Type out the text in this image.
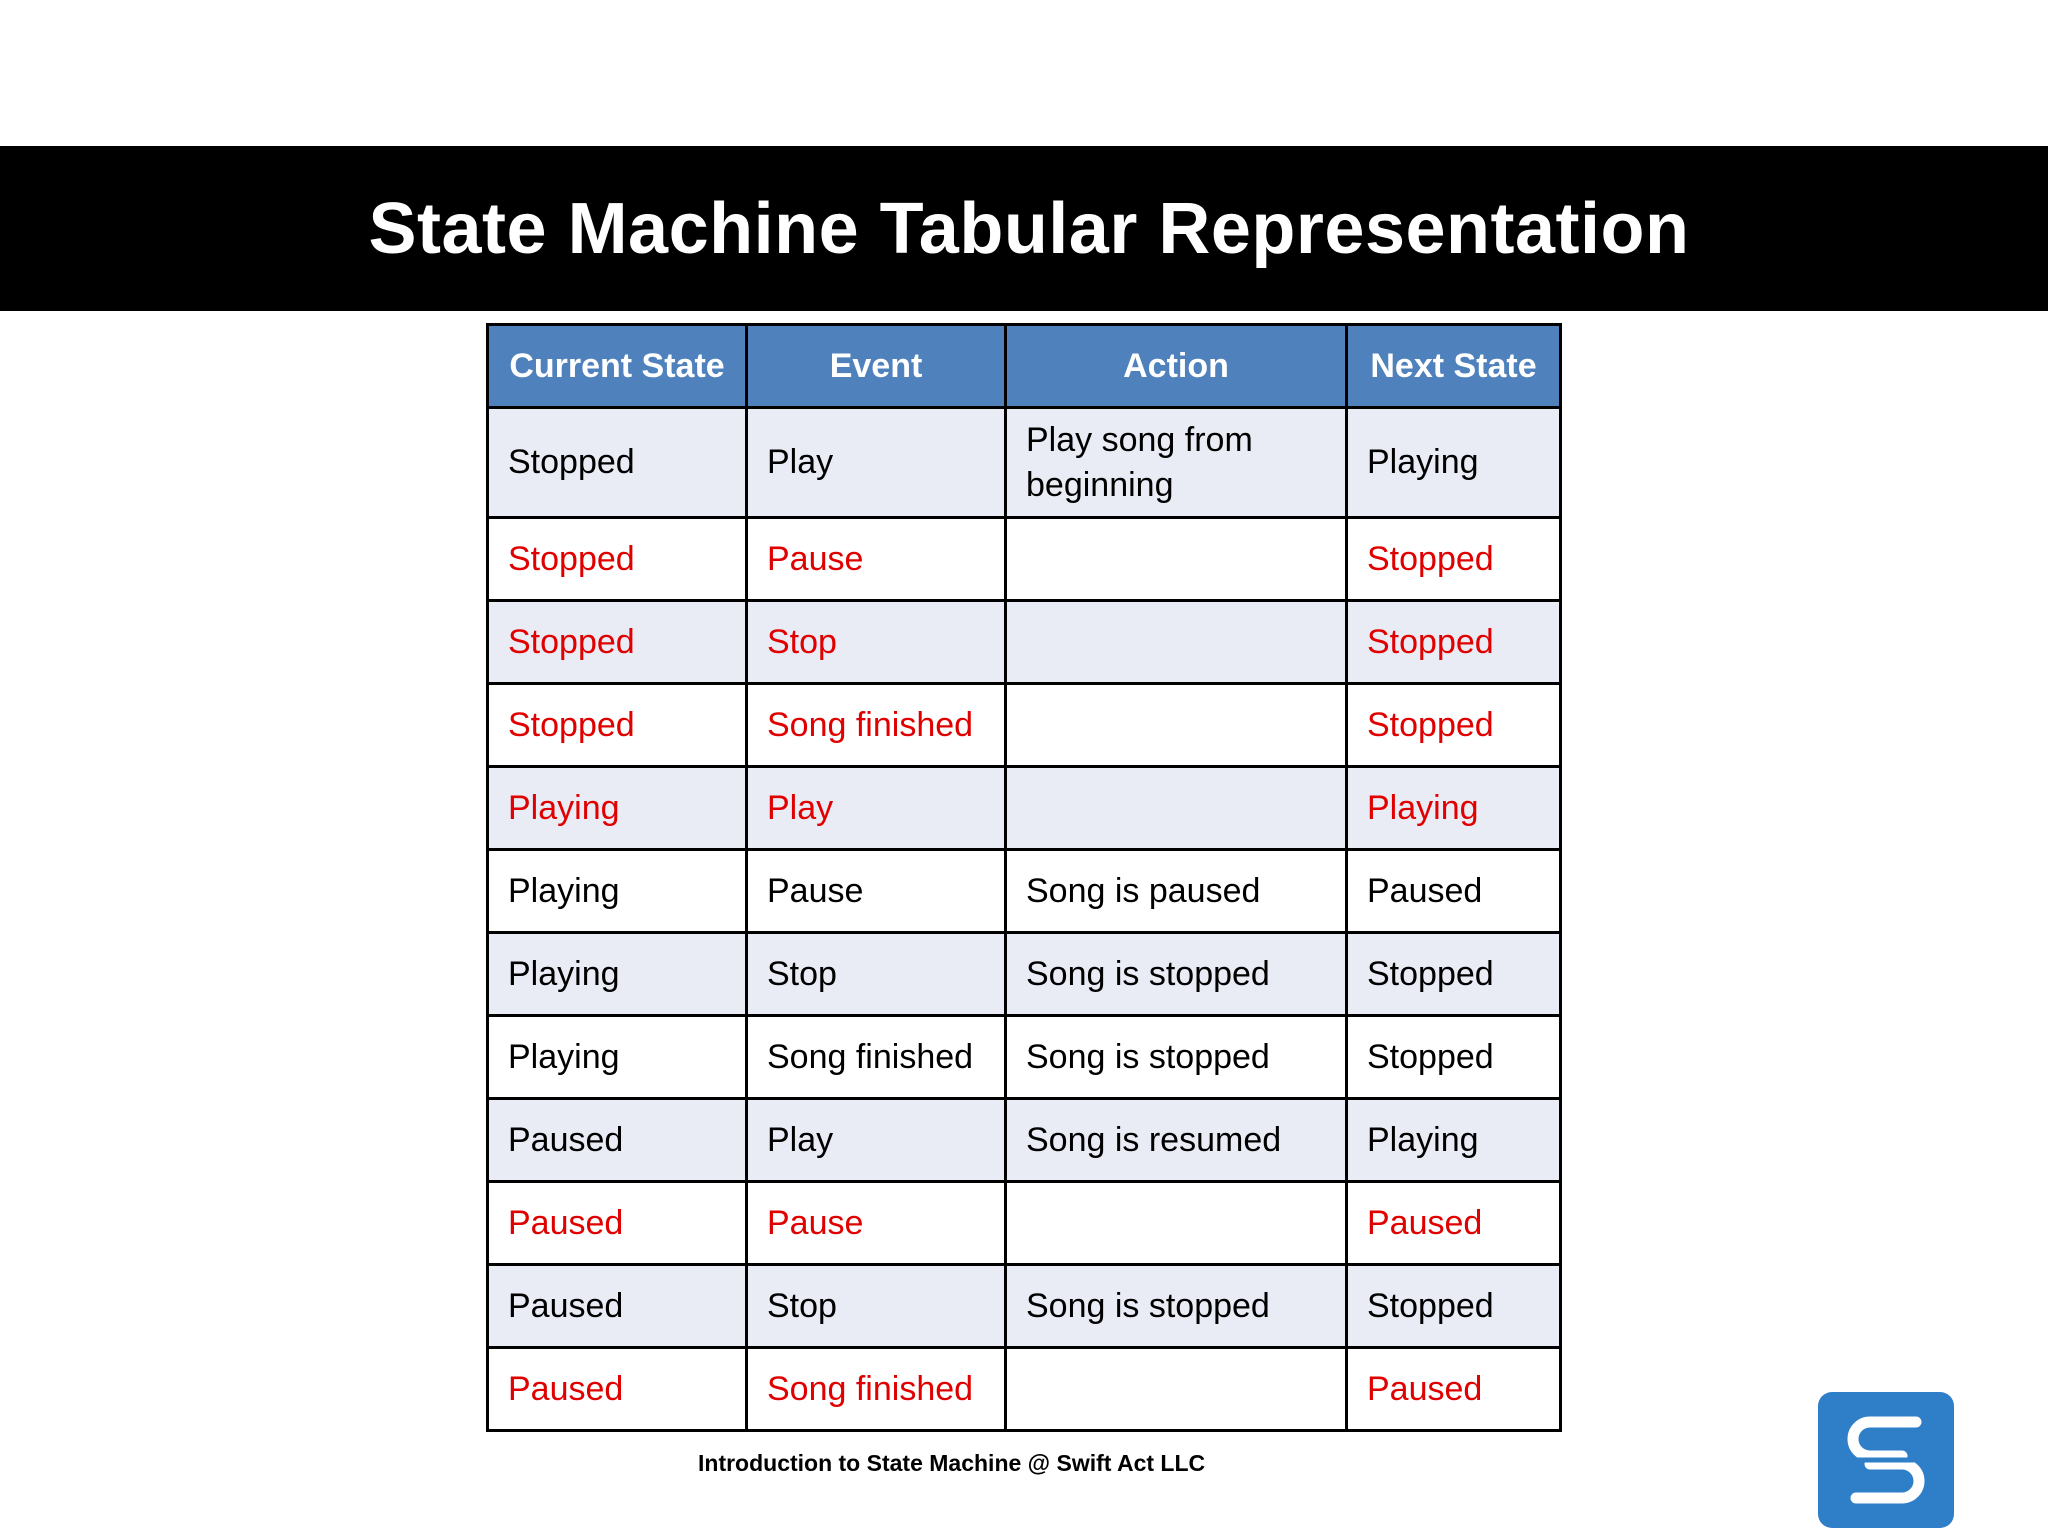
State Machine Tabular Representation
Current State	Event	Action	Next State
Stopped	Play	Play song from beginning	Playing
Stopped	Pause		Stopped
Stopped	Stop		Stopped
Stopped	Song finished		Stopped
Playing	Play		Playing
Playing	Pause	Song is paused	Paused
Playing	Stop	Song is stopped	Stopped
Playing	Song finished	Song is stopped	Stopped
Paused	Play	Song is resumed	Playing
Paused	Pause		Paused
Paused	Stop	Song is stopped	Stopped
Paused	Song finished		Paused
Introduction to State Machine @ Swift Act LLC
